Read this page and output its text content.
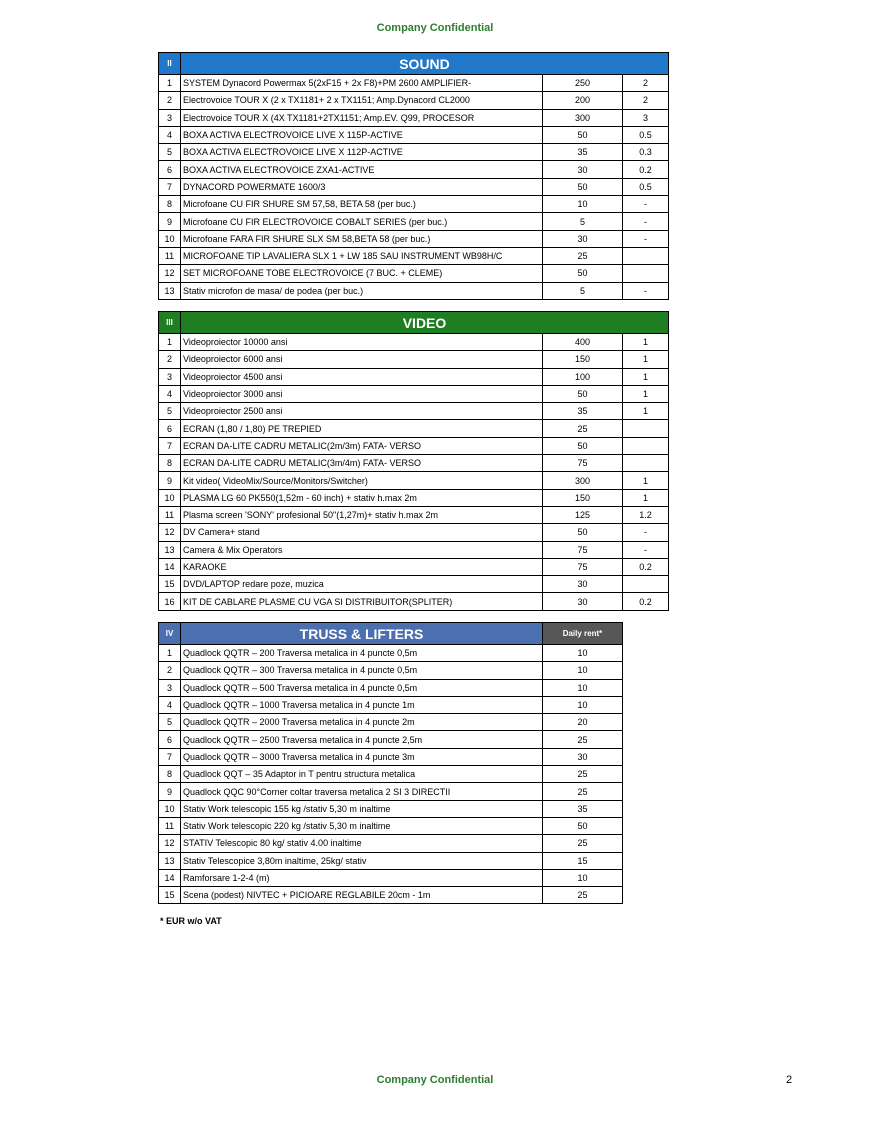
Company Confidential
II	SOUND		
1	SYSTEM Dynacord Powermax 5(2xF15 + 2x F8)+PM 2600 AMPLIFIER-	250	2
2	Electrovoice TOUR X (2 x TX1181+ 2 x TX1151; Amp.Dynacord CL2000	200	2
3	Electrovoice TOUR X (4X TX1181+2TX1151; Amp.EV. Q99, PROCESOR	300	3
4	BOXA ACTIVA ELECTROVOICE LIVE X 115P-ACTIVE	50	0.5
5	BOXA ACTIVA ELECTROVOICE LIVE X 112P-ACTIVE	35	0.3
6	BOXA ACTIVA ELECTROVOICE ZXA1-ACTIVE	30	0.2
7	DYNACORD POWERMATE 1600/3	50	0.5
8	Microfoane CU FIR SHURE SM 57,58, BETA 58 (per buc.)	10	-
9	Microfoane CU FIR ELECTROVOICE COBALT SERIES (per buc.)	5	-
10	Microfoane FARA FIR SHURE SLX SM 58,BETA 58 (per buc.)	30	-
11	MICROFOANE TIP LAVALIERA SLX 1 + LW 185 SAU INSTRUMENT WB98H/C	25	
12	SET MICROFOANE TOBE ELECTROVOICE (7 BUC. + CLEME)	50	
13	Stativ microfon de masa/ de podea (per buc.)	5	-
III	VIDEO		
1	Videoproiector 10000 ansi	400	1
2	Videoproiector 6000 ansi	150	1
3	Videoproiector 4500 ansi	100	1
4	Videoproiector 3000 ansi	50	1
5	Videoproiector 2500 ansi	35	1
6	ECRAN (1,80 / 1,80) PE TREPIED	25	
7	ECRAN DA-LITE CADRU METALIC(2m/3m) FATA- VERSO	50	
8	ECRAN DA-LITE CADRU METALIC(3m/4m) FATA- VERSO	75	
9	Kit video( VideoMix/Source/Monitors/Switcher)	300	1
10	PLASMA LG 60 PK550(1,52m - 60 inch) + stativ h.max 2m	150	1
11	Plasma screen 'SONY' profesional 50"(1,27m)+ stativ h.max 2m	125	1.2
12	DV Camera+ stand	50	-
13	Camera & Mix Operators	75	-
14	KARAOKE	75	0.2
15	DVD/LAPTOP redare poze, muzica	30	
16	KIT DE CABLARE PLASME CU VGA SI DISTRIBUITOR(SPLITER)	30	0.2
IV	TRUSS & LIFTERS	Daily rent*
1	Quadlock QQTR – 200 Traversa metalica in 4 puncte 0,5m	10
2	Quadlock QQTR – 300 Traversa metalica in 4 puncte 0,5m	10
3	Quadlock QQTR – 500 Traversa metalica in 4 puncte 0,5m	10
4	Quadlock QQTR – 1000 Traversa metalica in 4 puncte 1m	10
5	Quadlock QQTR – 2000 Traversa metalica in 4 puncte 2m	20
6	Quadlock QQTR – 2500 Traversa metalica in 4 puncte 2,5m	25
7	Quadlock QQTR – 3000 Traversa metalica in 4 puncte 3m	30
8	Quadlock QQT – 35 Adaptor in T pentru structura metalica	25
9	Quadlock QQC 90°Corner coltar traversa metalica 2 SI 3 DIRECTII	25
10	Stativ Work telescopic 155 kg /stativ 5,30 m inaltime	35
11	Stativ Work telescopic 220 kg /stativ 5,30 m inaltime	50
12	STATIV Telescopic 80 kg/ stativ 4.00 inaltime	25
13	Stativ Telescopice 3,80m inaltime, 25kg/ stativ	15
14	Ramforsare 1-2-4 (m)	10
15	Scena (podest) NIVTEC + PICIOARE REGLABILE 20cm - 1m	25
* EUR w/o VAT
Company Confidential	2
